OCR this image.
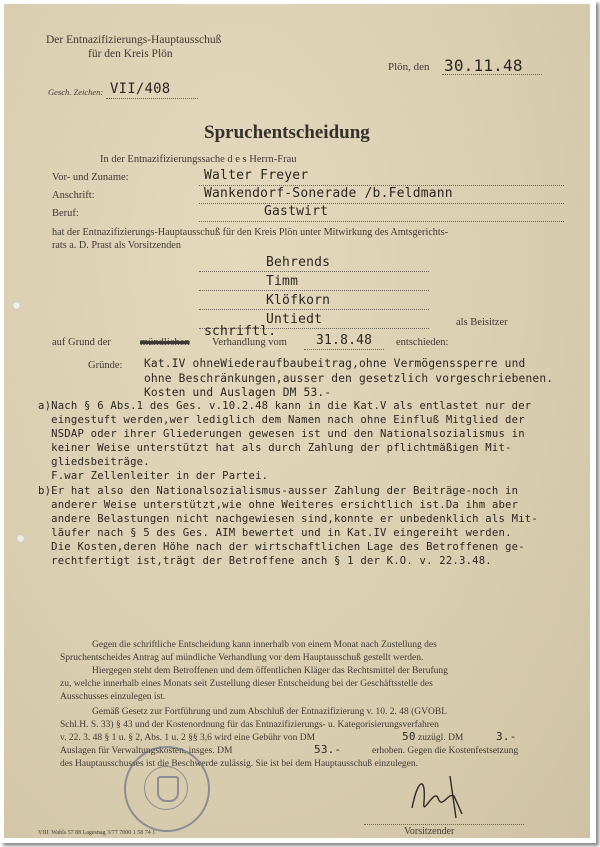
Der Entnazifizierungs-Hauptausschuß
für den Kreis Plön
Plön, den 30.11.48
Gesch. Zeichen: VII/408
Spruchentscheidung
In der Entnazifizierungssache d e s Herrn-Frau
Vor- und Zuname:	Walter Freyer
Anschrift:	Wankendorf-Sonerade /b.Feldmann
Beruf:	Gastwirt
hat der Entnazifizierungs-Hauptausschuß für den Kreis Plön unter Mitwirkung des Amtsgerichts-
rats a. D. Prast als Vorsitzenden
Behrends
Timm
Klöfkorn
Untiedt	als Beisitzer
schriftl.
auf Grund der	mündlichen Verhandlung vom 31.8.48 entschieden:
Gründe: Kat.IV ohneWiederaufbaubeitrag,ohne Vermögenssperre und
ohne Beschränkungen,ausser den gesetzlich vorgeschriebenen.
Kosten und Auslagen DM 53.-
a)Nach § 6 Abs.1 des Ges. v.10.2.48 kann in die Kat.V als entlastet nur der
eingestuft werden,wer lediglich dem Namen nach ohne Einfluß Mitglied der
NSDAP oder ihrer Gliederungen gewesen ist und den Nationalsozialismus in
keiner Weise unterstützt hat als durch Zahlung der pflichtmäßigen Mit-
gliedsbeiträge.
F.war Zellenleiter in der Partei.
b)Er hat also den Nationalsozialismus-ausser Zahlung der Beiträge-noch in
anderer Weise unterstützt,wie ohne Weiteres ersichtlich ist.Da ihm aber
andere Belastungen nicht nachgewiesen sind,konnte er unbedenklich als Mit-
läufer nach § 5 des Ges. AIM bewertet und in Kat.IV eingereiht werden.
Die Kosten,deren Höhe nach der wirtschaftlichen Lage des Betroffenen ge-
rechtfertigt ist,trägt der Betroffene anch § 1 der K.O. v. 22.3.48.
Gegen die schriftliche Entscheidung kann innerhalb von einem Monat nach Zustellung des
Spruchentscheides Antrag auf mündliche Verhandlung vor dem Hauptausschuß gestellt werden.
Hiergegen steht dem Betroffenen und dem öffentlichen Kläger das Rechtsmittel der Berufung
zu, welche innerhalb eines Monats seit Zustellung dieser Entscheidung bei der Geschäftsstelle des
Ausschusses einzulegen ist.
Gemäß Gesetz zur Fortführung und zum Abschluß der Entnazifizierung v. 10. 2. 48 (GVOBL
Schl.H. S. 33) § 43 und der Kostenordnung für das Entnazifizierungs- u. Kategorisierungsverfahren
v. 22. 3. 48 § 1 u. § 2, Abs. 1 u. 2 §§ 3,6 wird eine Gebühr von DM	50 zuzügl. DM	3.-
Auslagen für Verwaltungskosten, insges. DM	53.-	erhoben. Gegen die Kostenfestsetzung
des Hauptausschusses ist die Beschwerde zulässig. Sie ist bei dem Hauptausschuß einzulegen.
Vorsitzender
VIII. Wahls 57 88 Lagesnag 3/77 7000 1 58 74 1
